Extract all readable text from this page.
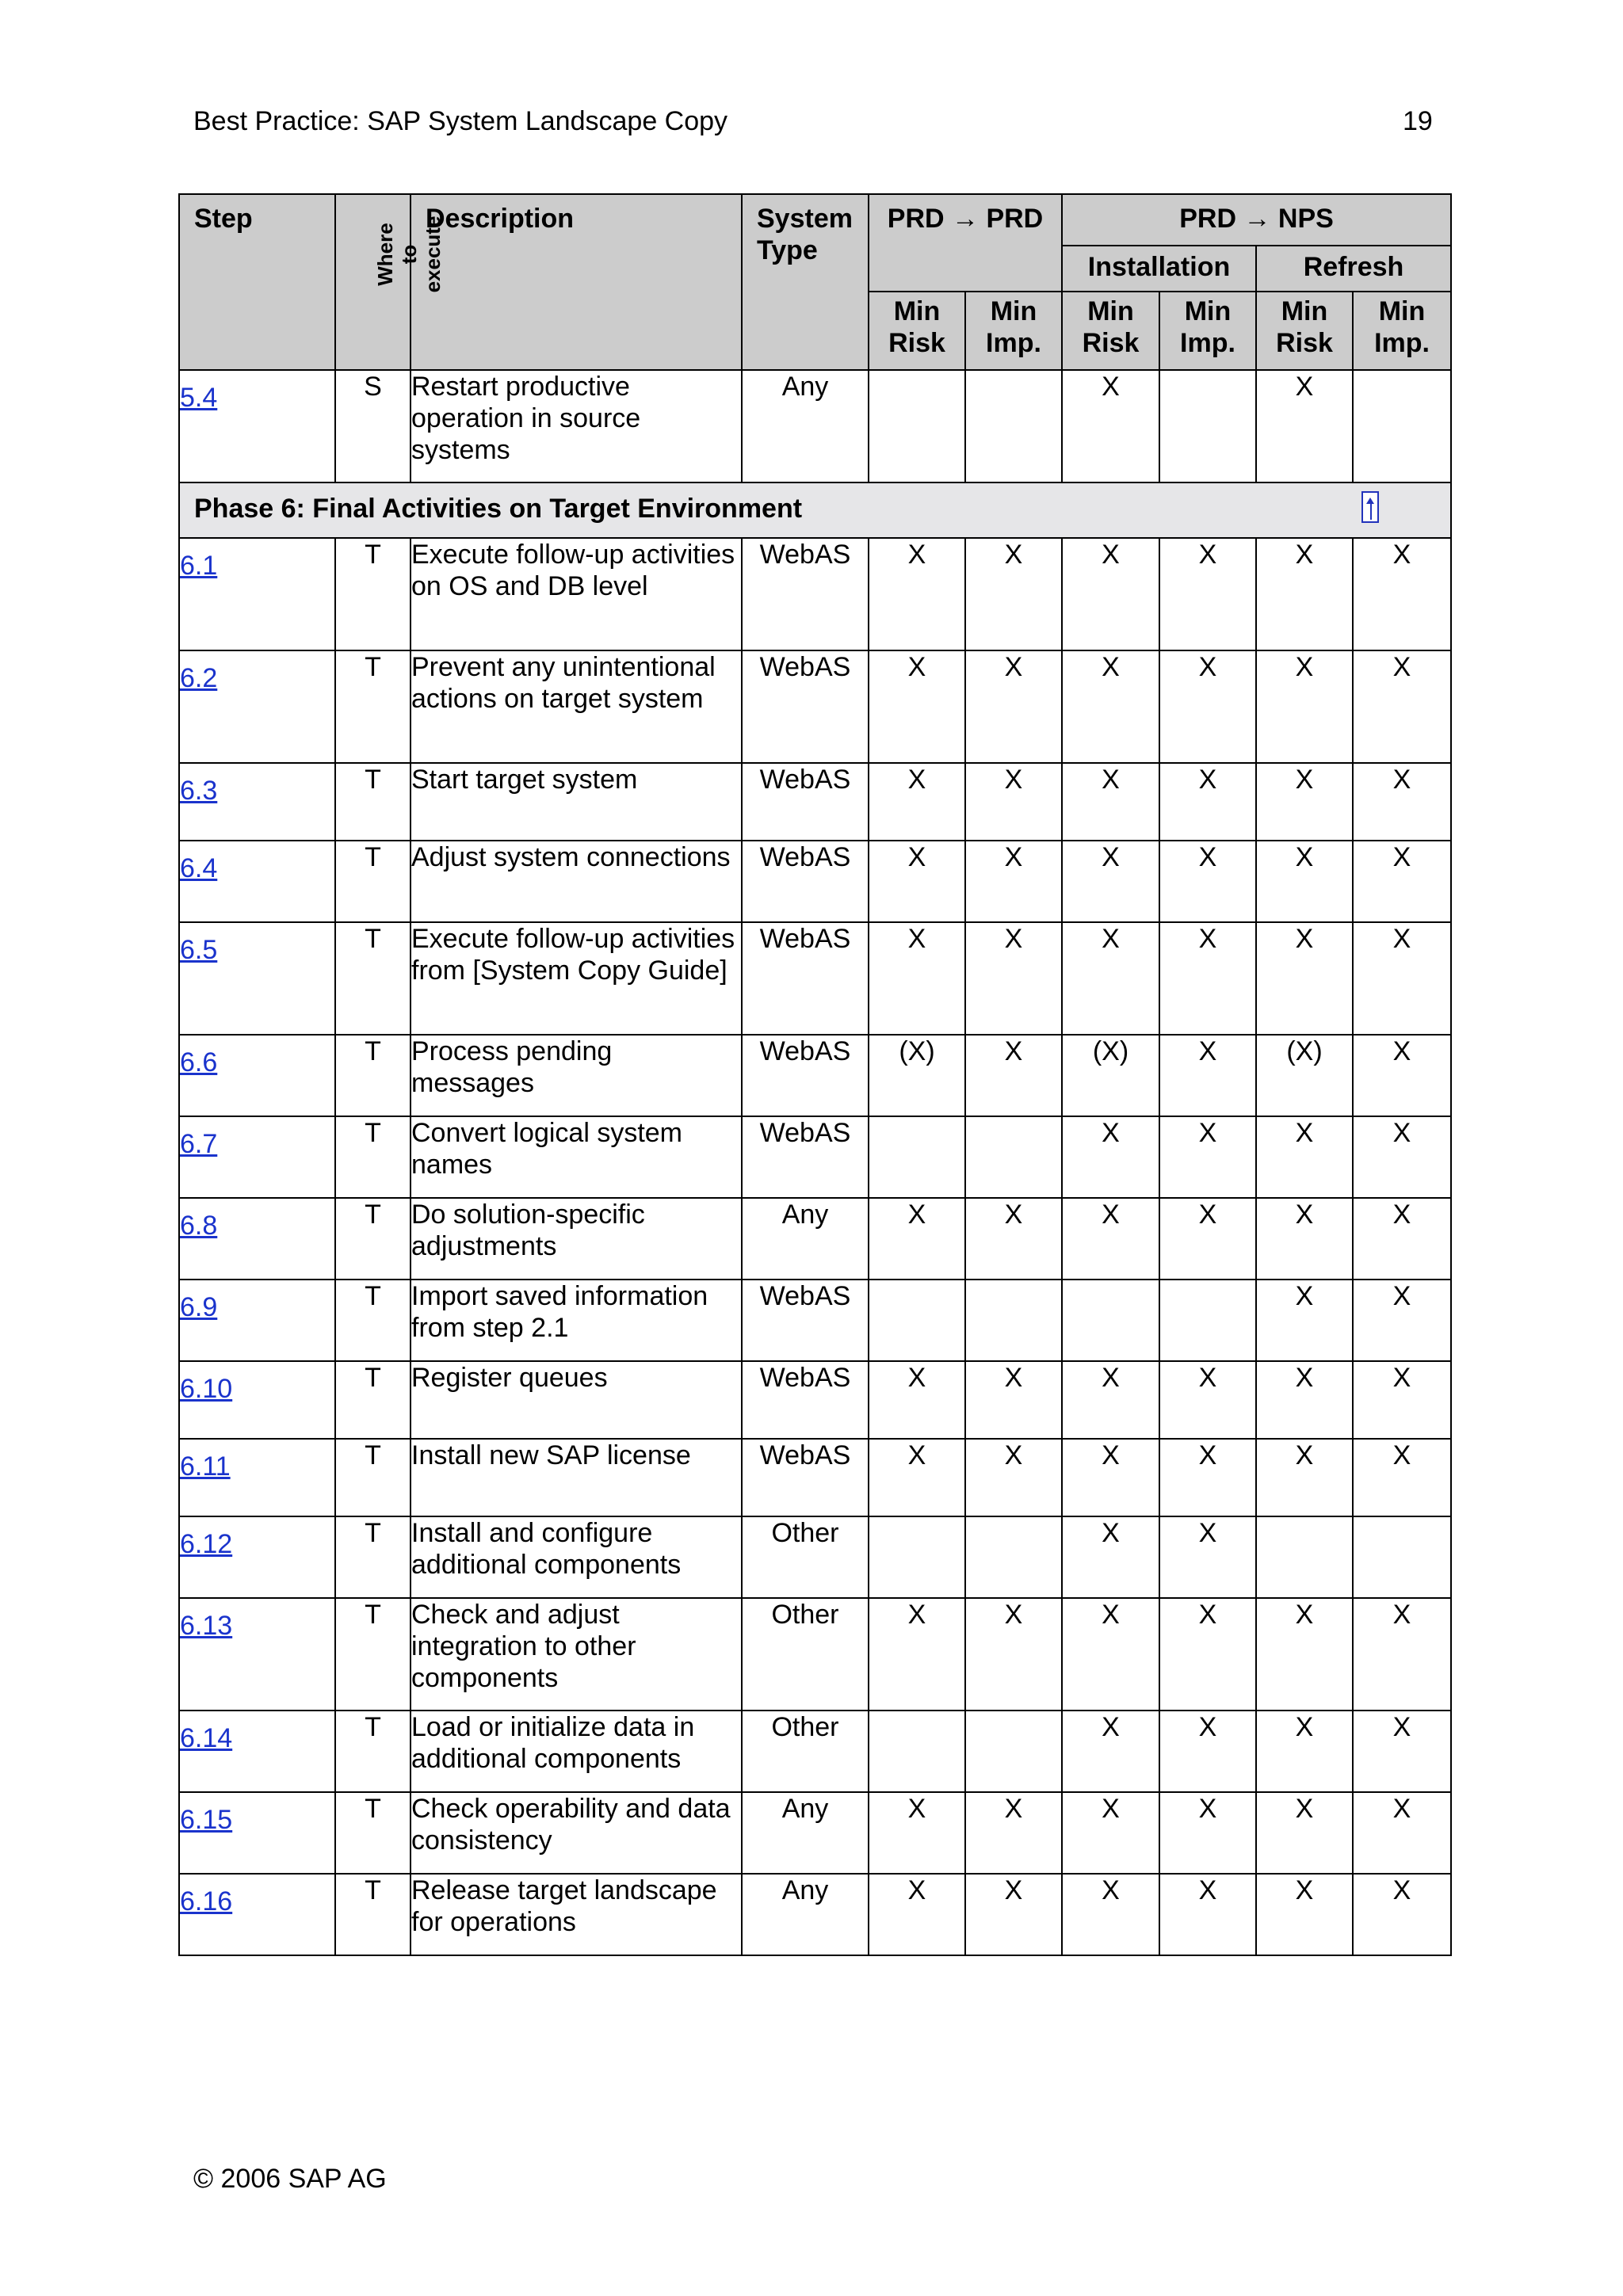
Best Practice: SAP System Landscape Copy	19
Step	Where to execute	Description	System Type	PRD → PRD		PRD → NPS			
						Installation		Refresh	
				Min Risk	Min Imp.	Min Risk	Min Imp.	Min Risk	Min Imp.
5.4	S	Restart productive operation in source systems	Any			X		X	
Phase 6: Final Activities on Target Environment									

6.1	T	Execute follow-up activities on OS and DB level	WebAS	X	X	X	X	X	X
6.2	T	Prevent any unintentional actions on target system	WebAS	X	X	X	X	X	X
6.3	T	Start target system	WebAS	X	X	X	X	X	X
6.4	T	Adjust system connections	WebAS	X	X	X	X	X	X
6.5	T	Execute follow-up activities from [System Copy Guide]	WebAS	X	X	X	X	X	X
6.6	T	Process pending messages	WebAS	(X)	X	(X)	X	(X)	X
6.7	T	Convert logical system names	WebAS			X	X	X	X
6.8	T	Do solution-specific adjustments	Any	X	X	X	X	X	X
6.9	T	Import saved information from step 2.1	WebAS					X	X
6.10	T	Register queues	WebAS	X	X	X	X	X	X
6.11	T	Install new SAP license	WebAS	X	X	X	X	X	X
6.12	T	Install and configure additional components	Other			X	X		
6.13	T	Check and adjust integration to other components	Other	X	X	X	X	X	X
6.14	T	Load or initialize data in additional components	Other			X	X	X	X
6.15	T	Check operability and data consistency	Any	X	X	X	X	X	X
6.16	T	Release target landscape for operations	Any	X	X	X	X	X	X
© 2006 SAP AG
